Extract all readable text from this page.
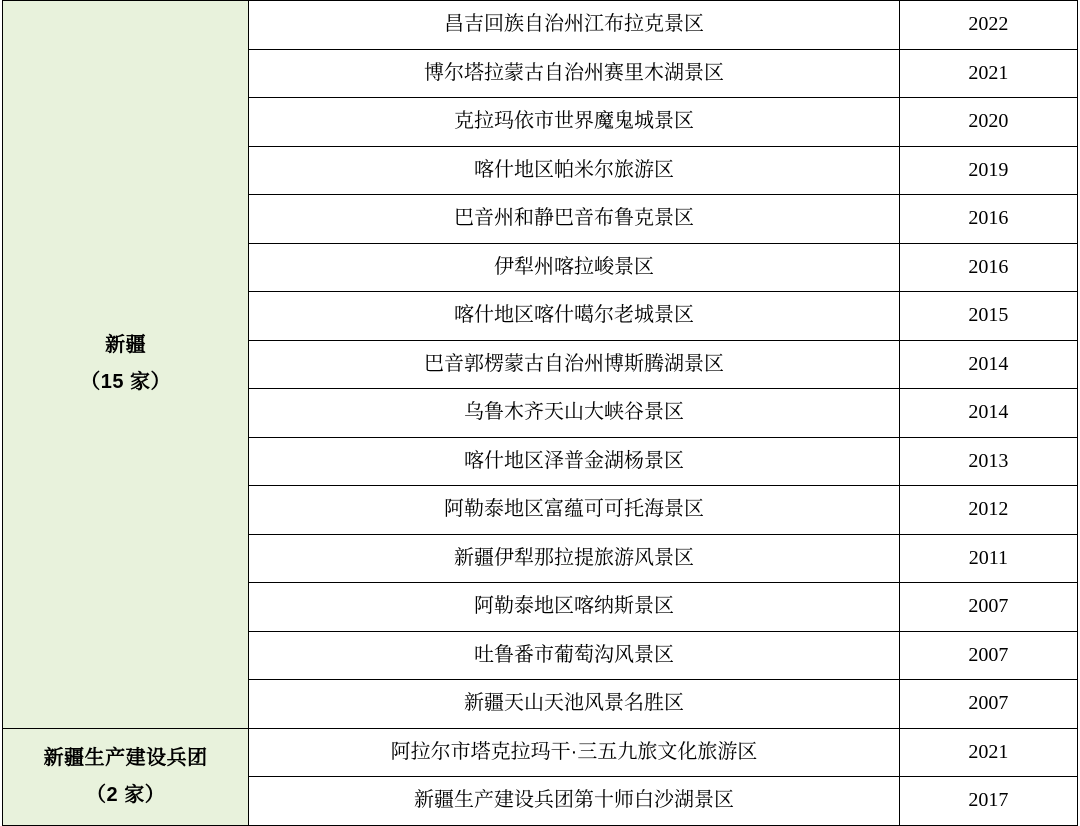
新疆
（15 家）	昌吉回族自治州江布拉克景区	2022
	博尔塔拉蒙古自治州赛里木湖景区	2021
	克拉玛依市世界魔鬼城景区	2020
	喀什地区帕米尔旅游区	2019
	巴音州和静巴音布鲁克景区	2016
	伊犁州喀拉峻景区	2016
	喀什地区喀什噶尔老城景区	2015
	巴音郭楞蒙古自治州博斯腾湖景区	2014
	乌鲁木齐天山大峡谷景区	2014
	喀什地区泽普金湖杨景区	2013
	阿勒泰地区富蕴可可托海景区	2012
	新疆伊犁那拉提旅游风景区	2011
	阿勒泰地区喀纳斯景区	2007
	吐鲁番市葡萄沟风景区	2007
	新疆天山天池风景名胜区	2007

新疆生产建设兵团
（2 家）	阿拉尔市塔克拉玛干·三五九旅文化旅游区	2021
	新疆生产建设兵团第十师白沙湖景区	2017
